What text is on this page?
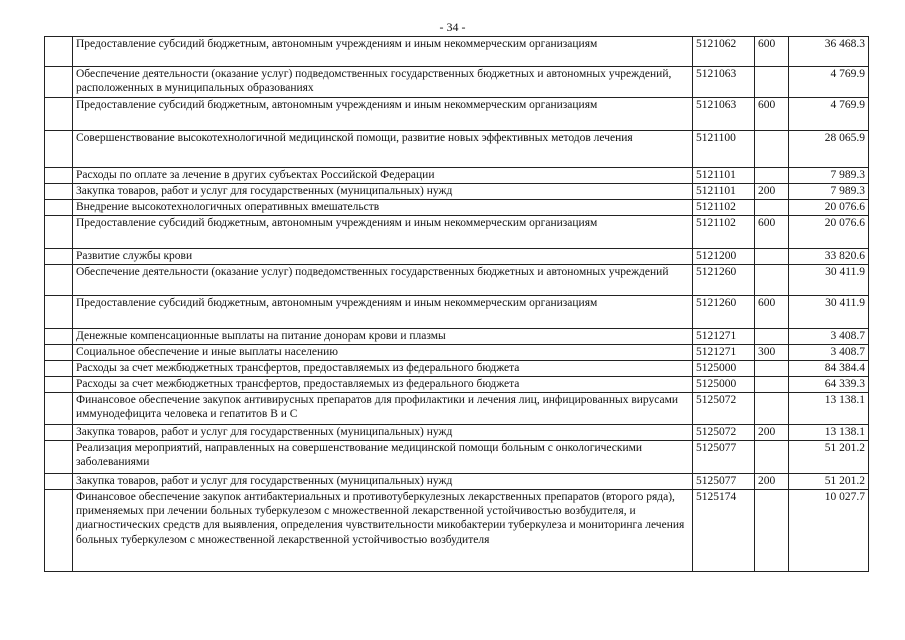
- 34 -
	Предоставление субсидий бюджетным, автономным учреждениям и иным некоммерческим организациям	5121062	600	36 468.3
	Обеспечение деятельности (оказание услуг) подведомственных государственных бюджетных и автономных учреждений, расположенных в муниципальных образованиях	5121063		4 769.9
	Предоставление субсидий бюджетным, автономным учреждениям и иным некоммерческим организациям	5121063	600	4 769.9
	Совершенствование высокотехнологичной медицинской помощи, развитие новых эффективных методов лечения	5121100		28 065.9
	Расходы по оплате за лечение в других субъектах Российской Федерации	5121101		7 989.3
	Закупка товаров, работ и услуг для государственных (муниципальных) нужд	5121101	200	7 989.3
	Внедрение высокотехнологичных оперативных вмешательств	5121102		20 076.6
	Предоставление субсидий бюджетным, автономным учреждениям и иным некоммерческим организациям	5121102	600	20 076.6
	Развитие службы крови	5121200		33 820.6
	Обеспечение деятельности (оказание услуг) подведомственных государственных бюджетных и автономных учреждений	5121260		30 411.9
	Предоставление субсидий бюджетным, автономным учреждениям и иным некоммерческим организациям	5121260	600	30 411.9
	Денежные компенсационные выплаты на питание донорам крови и плазмы	5121271		3 408.7
	Социальное обеспечение и иные выплаты населению	5121271	300	3 408.7
	Расходы за счет межбюджетных трансфертов, предоставляемых из федерального бюджета	5125000		84 384.4
	Расходы за счет межбюджетных трансфертов, предоставляемых из федерального бюджета	5125000		64 339.3
	Финансовое обеспечение закупок антивирусных препаратов для профилактики и лечения лиц, инфицированных вирусами иммунодефицита человека и гепатитов В и С	5125072		13 138.1
	Закупка товаров, работ и услуг для государственных (муниципальных) нужд	5125072	200	13 138.1
	Реализация мероприятий, направленных на совершенствование медицинской помощи больным с онкологическими заболеваниями	5125077		51 201.2
	Закупка товаров, работ и услуг для государственных (муниципальных) нужд	5125077	200	51 201.2
	Финансовое обеспечение закупок антибактериальных и противотуберкулезных лекарственных препаратов (второго ряда), применяемых при лечении больных туберкулезом с множественной лекарственной устойчивостью возбудителя, и диагностических средств для выявления, определения чувствительности микобактерии туберкулеза и мониторинга лечения больных туберкулезом с множественной лекарственной устойчивостью возбудителя	5125174		10 027.7
